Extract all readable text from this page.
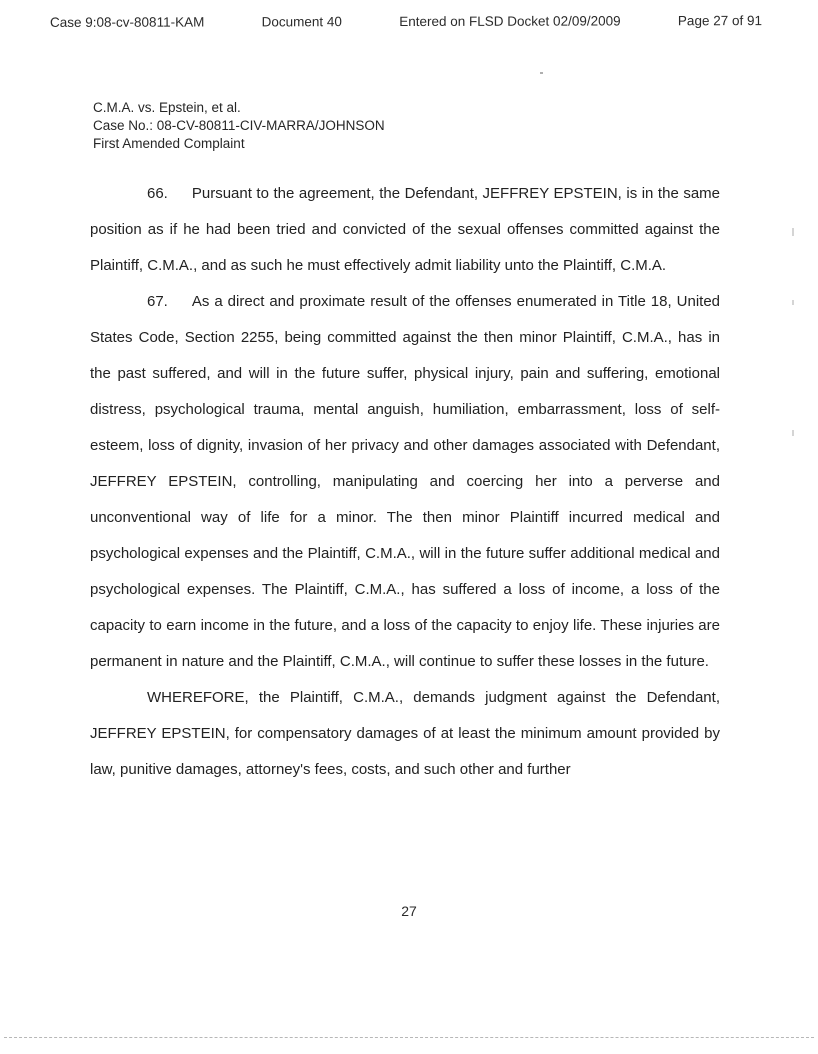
Case 9:08-cv-80811-KAM	Document 40	Entered on FLSD Docket 02/09/2009	Page 27 of 91
C.M.A. vs. Epstein, et al.
Case No.: 08-CV-80811-CIV-MARRA/JOHNSON
First Amended Complaint

66. Pursuant to the agreement, the Defendant, JEFFREY EPSTEIN, is in the same position as if he had been tried and convicted of the sexual offenses committed against the Plaintiff, C.M.A., and as such he must effectively admit liability unto the Plaintiff, C.M.A.

67. As a direct and proximate result of the offenses enumerated in Title 18, United States Code, Section 2255, being committed against the then minor Plaintiff, C.M.A., has in the past suffered, and will in the future suffer, physical injury, pain and suffering, emotional distress, psychological trauma, mental anguish, humiliation, embarrassment, loss of self-esteem, loss of dignity, invasion of her privacy and other damages associated with Defendant, JEFFREY EPSTEIN, controlling, manipulating and coercing her into a perverse and unconventional way of life for a minor. The then minor Plaintiff incurred medical and psychological expenses and the Plaintiff, C.M.A., will in the future suffer additional medical and psychological expenses. The Plaintiff, C.M.A., has suffered a loss of income, a loss of the capacity to earn income in the future, and a loss of the capacity to enjoy life. These injuries are permanent in nature and the Plaintiff, C.M.A., will continue to suffer these losses in the future.

WHEREFORE, the Plaintiff, C.M.A., demands judgment against the Defendant, JEFFREY EPSTEIN, for compensatory damages of at least the minimum amount provided by law, punitive damages, attorney's fees, costs, and such other and further

27
